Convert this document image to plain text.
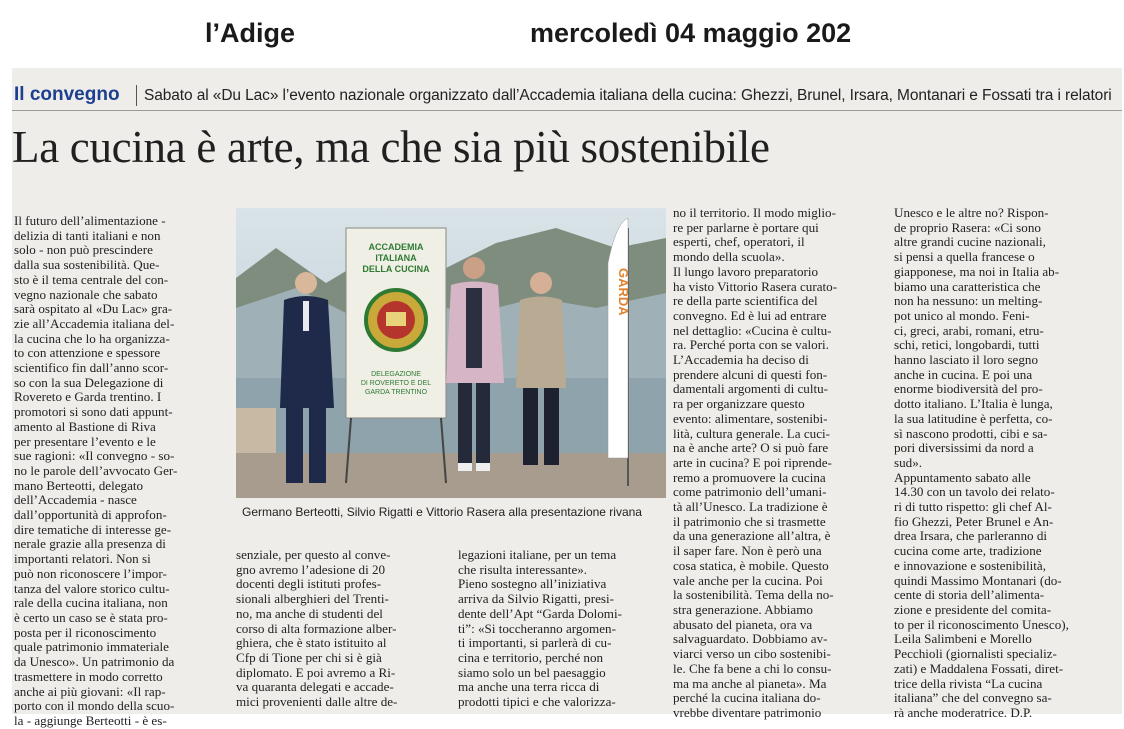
l’Adige	mercoledì 04 maggio 202
Il convegno Sabato al «Du Lac» l’evento nazionale organizzato dall’Accademia italiana della cucina: Ghezzi, Brunel, Irsara, Montanari e Fossati tra i relatori
La cucina è arte, ma che sia più sostenibile
Il futuro dell’alimentazione -
delizia di tanti italiani e non
solo - non può prescindere
dalla sua sostenibilità. Que-
sto è il tema centrale del con-
vegno nazionale che sabato
sarà ospitato al «Du Lac» gra-
zie all’Accademia italiana del-
la cucina che lo ha organizza-
to con attenzione e spessore
scientifico fin dall’anno scor-
so con la sua Delegazione di
Rovereto e Garda trentino. I
promotori si sono dati appunt-
amento al Bastione di Riva
per presentare l’evento e le
sue ragioni: «Il convegno - so-
no le parole dell’avvocato Ger-
mano Berteotti, delegato
dell’Accademia - nasce
dall’opportunità di approfon-
dire tematiche di interesse ge-
nerale grazie alla presenza di
importanti relatori. Non si
può non riconoscere l’impor-
tanza del valore storico cultu-
rale della cucina italiana, non
è certo un caso se è stata pro-
posta per il riconoscimento
quale patrimonio immateriale
da Unesco». Un patrimonio da
trasmettere in modo corretto
anche ai più giovani: «Il rap-
porto con il mondo della scuo-
la - aggiunge Berteotti - è es-
ACCADEMIA
ITALIANA
DELLA CUCINA
DELEGAZIONE
DI ROVERETO E DEL
GARDA TRENTINO
GARDA
Germano Berteotti, Silvio Rigatti e Vittorio Rasera alla presentazione rivana
senziale, per questo al conve-
gno avremo l’adesione di 20
docenti degli istituti profes-
sionali alberghieri del Trenti-
no, ma anche di studenti del
corso di alta formazione alber-
ghiera, che è stato istituito al
Cfp di Tione per chi si è già
diplomato. E poi avremo a Ri-
va quaranta delegati e accade-
mici provenienti dalle altre de-
legazioni italiane, per un tema
che risulta interessante».
Pieno sostegno all’iniziativa
arriva da Silvio Rigatti, presi-
dente dell’Apt “Garda Dolomi-
ti”: «Si toccheranno argomen-
ti importanti, si parlerà di cu-
cina e territorio, perché non
siamo solo un bel paesaggio
ma anche una terra ricca di
prodotti tipici e che valorizza-
no il territorio. Il modo miglio-
re per parlarne è portare qui
esperti, chef, operatori, il
mondo della scuola».
Il lungo lavoro preparatorio
ha visto Vittorio Rasera curato-
re della parte scientifica del
convegno. Ed è lui ad entrare
nel dettaglio: «Cucina è cultu-
ra. Perché porta con se valori.
L’Accademia ha deciso di
prendere alcuni di questi fon-
damentali argomenti di cultu-
ra per organizzare questo
evento: alimentare, sostenibi-
lità, cultura generale. La cuci-
na è anche arte? O si può fare
arte in cucina? E poi riprende-
remo a promuovere la cucina
come patrimonio dell’umani-
tà all’Unesco. La tradizione è
il patrimonio che si trasmette
da una generazione all’altra, è
il saper fare. Non è però una
cosa statica, è mobile. Questo
vale anche per la cucina. Poi
la sostenibilità. Tema della no-
stra generazione. Abbiamo
abusato del pianeta, ora va
salvaguardato. Dobbiamo av-
viarci verso un cibo sostenibi-
le. Che fa bene a chi lo consu-
ma ma anche al pianeta». Ma
perché la cucina italiana do-
vrebbe diventare patrimonio
Unesco e le altre no? Rispon-
de proprio Rasera: «Ci sono
altre grandi cucine nazionali,
si pensi a quella francese o
giapponese, ma noi in Italia ab-
biamo una caratteristica che
non ha nessuno: un melting-
pot unico al mondo. Feni-
ci, greci, arabi, romani, etru-
schi, retici, longobardi, tutti
hanno lasciato il loro segno
anche in cucina. E poi una
enorme biodiversità del pro-
dotto italiano. L’Italia è lunga,
la sua latitudine è perfetta, co-
sì nascono prodotti, cibi e sa-
pori diversissimi da nord a
sud».
Appuntamento sabato alle
14.30 con un tavolo dei relato-
ri di tutto rispetto: gli chef Al-
fio Ghezzi, Peter Brunel e An-
drea Irsara, che parleranno di
cucina come arte, tradizione
e innovazione e sostenibilità,
quindi Massimo Montanari (do-
cente di storia dell’alimenta-
zione e presidente del comita-
to per il riconoscimento Unesco),
Leila Salimbeni e Morello
Pecchioli (giornalisti specializ-
zati) e Maddalena Fossati, diret-
trice della rivista “La cucina
italiana” che del convegno sa-
rà anche moderatrice. D.P.
